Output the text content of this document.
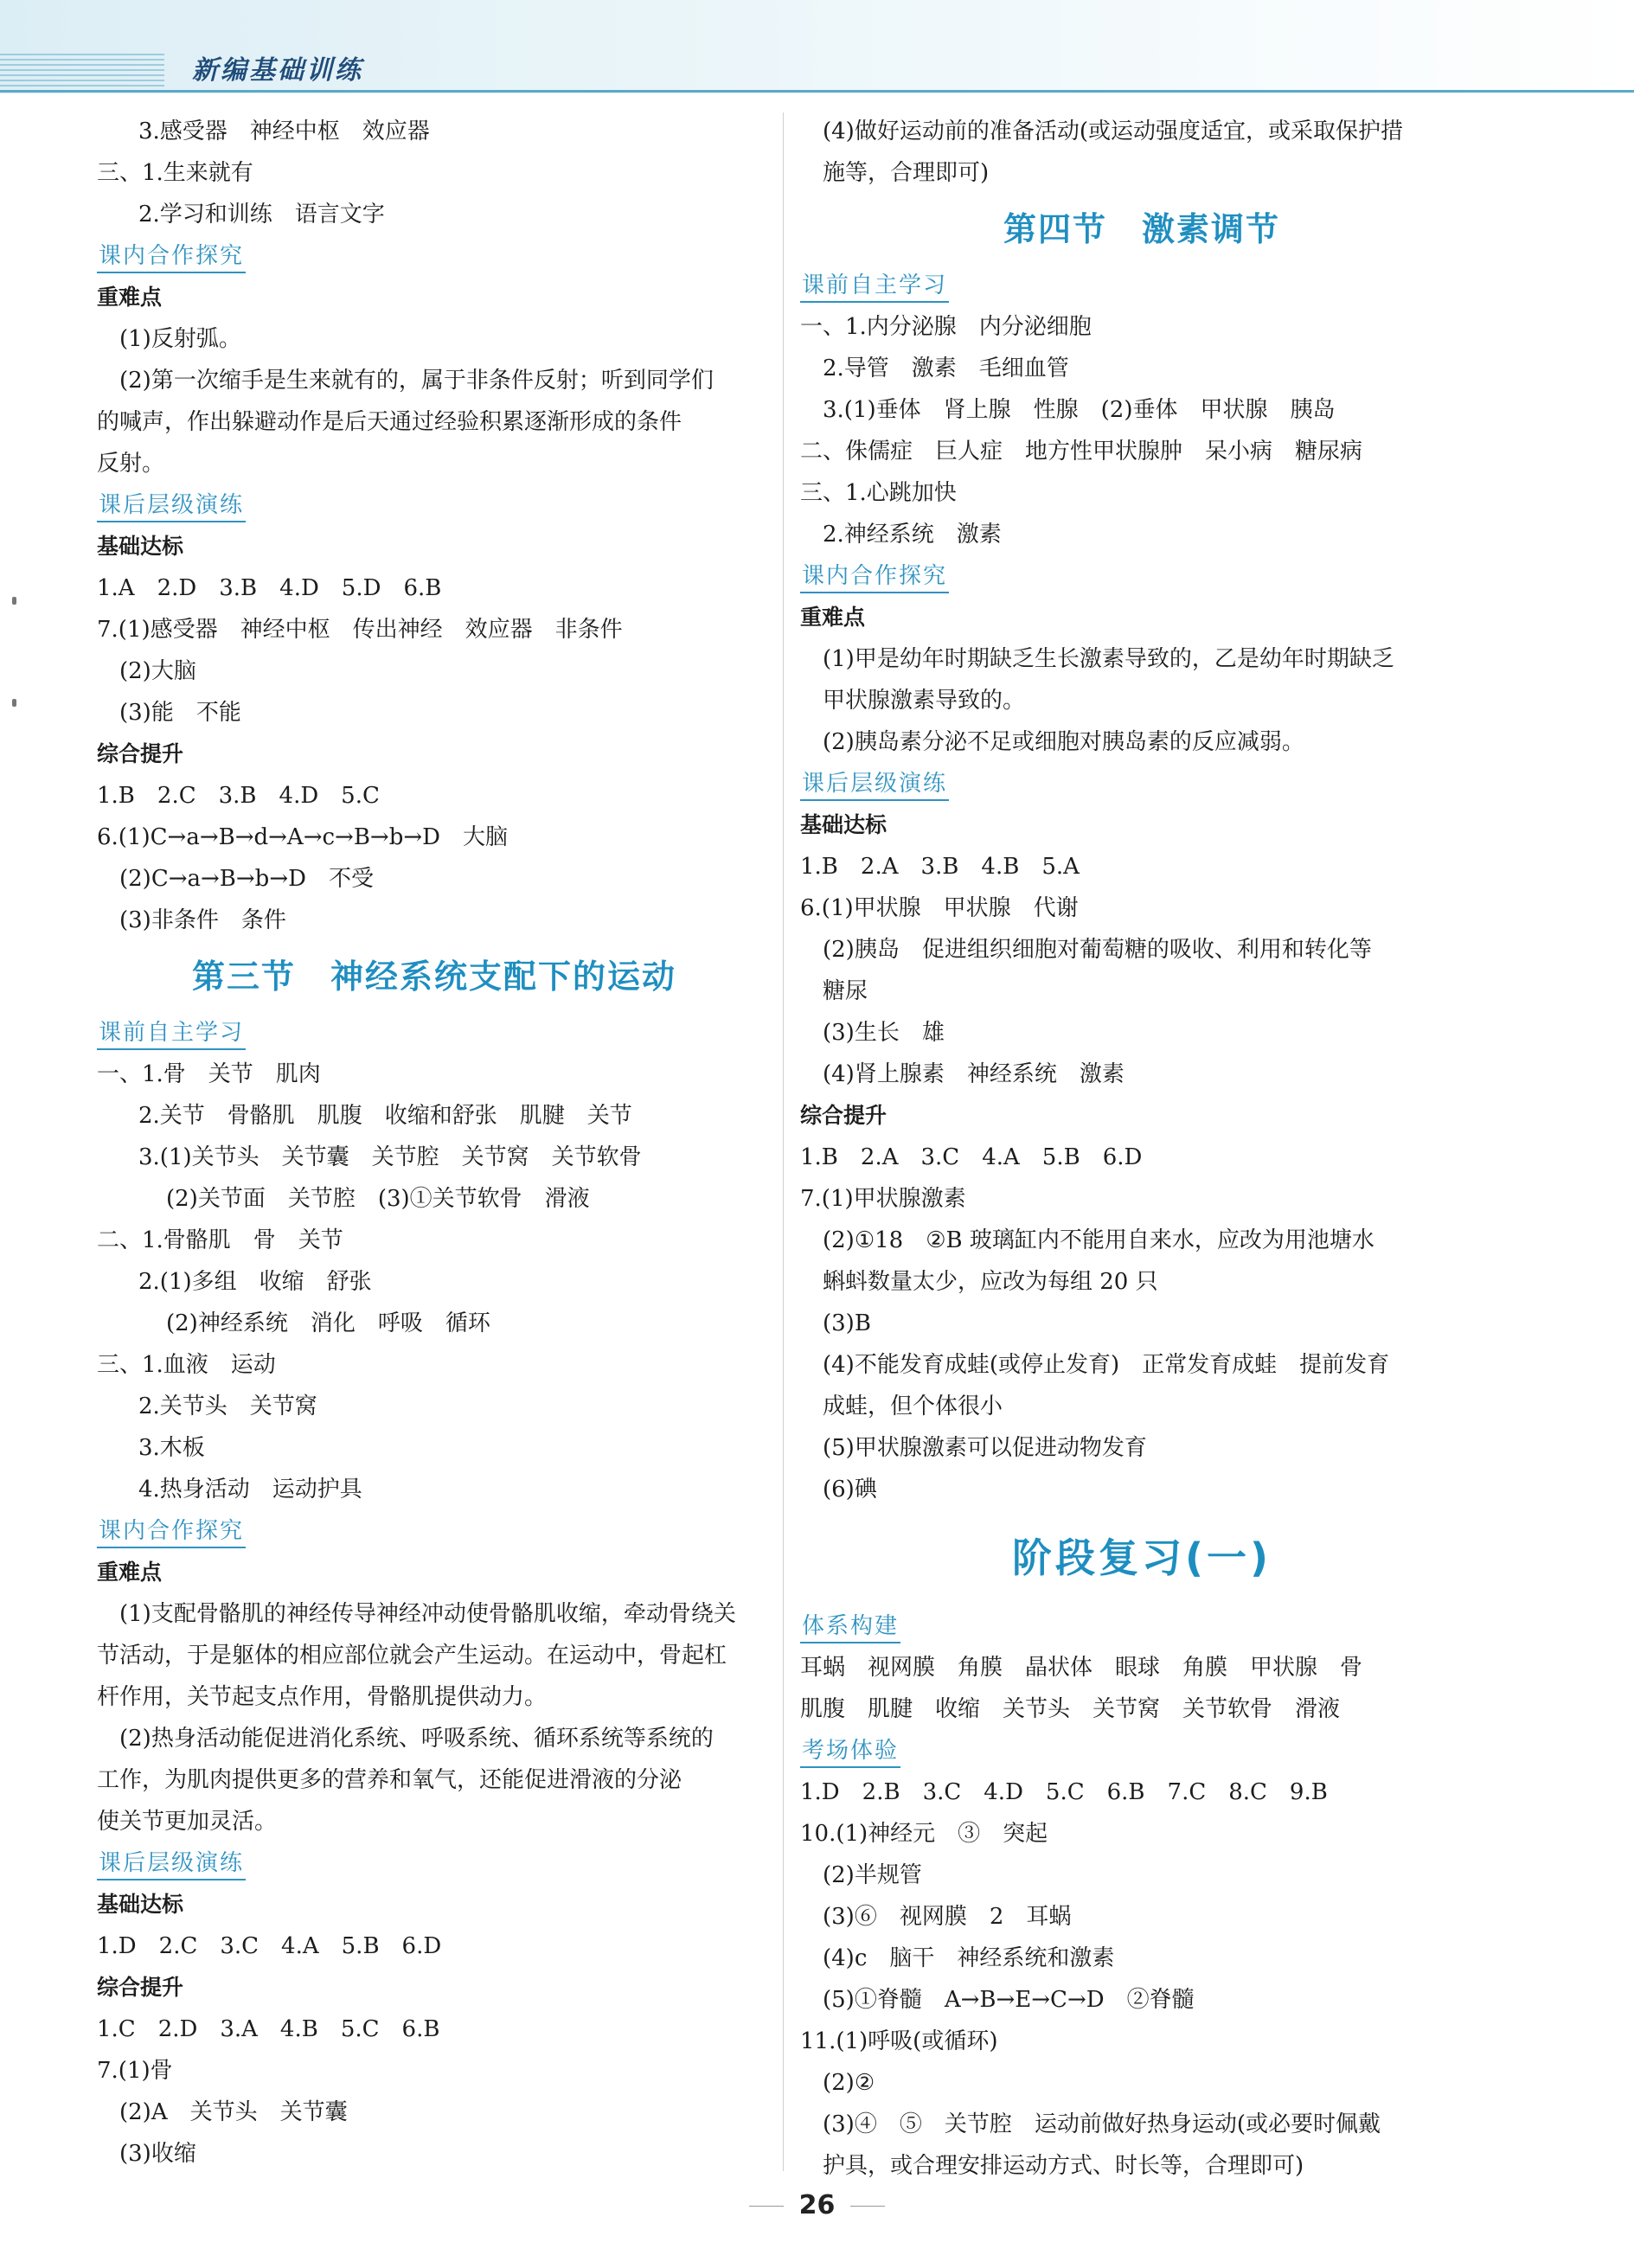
新编基础训练
3.感受器　神经中枢　效应器
三、1.生来就有
2.学习和训练　语言文字
课内合作探究
重难点
(1)反射弧。
(2)第一次缩手是生来就有的，属于非条件反射；听到同学们
的喊声，作出躲避动作是后天通过经验积累逐渐形成的条件
反射。
课后层级演练
基础达标
1.A　2.D　3.B　4.D　5.D　6.B
7.(1)感受器　神经中枢　传出神经　效应器　非条件
(2)大脑
(3)能　不能
综合提升
1.B　2.C　3.B　4.D　5.C
6.(1)C→a→B→d→A→c→B→b→D　大脑
(2)C→a→B→b→D　不受
(3)非条件　条件
第三节　神经系统支配下的运动
课前自主学习
一、1.骨　关节　肌肉
2.关节　骨骼肌　肌腹　收缩和舒张　肌腱　关节
3.(1)关节头　关节囊　关节腔　关节窝　关节软骨
(2)关节面　关节腔　(3)①关节软骨　滑液
二、1.骨骼肌　骨　关节
2.(1)多组　收缩　舒张
(2)神经系统　消化　呼吸　循环
三、1.血液　运动
2.关节头　关节窝
3.木板
4.热身活动　运动护具
课内合作探究
重难点
(1)支配骨骼肌的神经传导神经冲动使骨骼肌收缩，牵动骨绕关
节活动，于是躯体的相应部位就会产生运动。在运动中，骨起杠
杆作用，关节起支点作用，骨骼肌提供动力。
(2)热身活动能促进消化系统、呼吸系统、循环系统等系统的
工作，为肌肉提供更多的营养和氧气，还能促进滑液的分泌
使关节更加灵活。
课后层级演练
基础达标
1.D　2.C　3.C　4.A　5.B　6.D
综合提升
1.C　2.D　3.A　4.B　5.C　6.B
7.(1)骨
(2)A　关节头　关节囊
(3)收缩
(4)做好运动前的准备活动(或运动强度适宜，或采取保护措
施等，合理即可)
第四节　激素调节
课前自主学习
一、1.内分泌腺　内分泌细胞
2.导管　激素　毛细血管
3.(1)垂体　肾上腺　性腺　(2)垂体　甲状腺　胰岛
二、侏儒症　巨人症　地方性甲状腺肿　呆小病　糖尿病
三、1.心跳加快
2.神经系统　激素
课内合作探究
重难点
(1)甲是幼年时期缺乏生长激素导致的，乙是幼年时期缺乏
甲状腺激素导致的。
(2)胰岛素分泌不足或细胞对胰岛素的反应减弱。
课后层级演练
基础达标
1.B　2.A　3.B　4.B　5.A
6.(1)甲状腺　甲状腺　代谢
(2)胰岛　促进组织细胞对葡萄糖的吸收、利用和转化等
糖尿
(3)生长　雄
(4)肾上腺素　神经系统　激素
综合提升
1.B　2.A　3.C　4.A　5.B　6.D
7.(1)甲状腺激素
(2)①18　②B 玻璃缸内不能用自来水，应改为用池塘水
蝌蚪数量太少，应改为每组 20 只
(3)B
(4)不能发育成蛙(或停止发育)　正常发育成蛙　提前发育
成蛙，但个体很小
(5)甲状腺激素可以促进动物发育
(6)碘
阶段复习(一)
体系构建
耳蜗　视网膜　角膜　晶状体　眼球　角膜　甲状腺　骨
肌腹　肌腱　收缩　关节头　关节窝　关节软骨　滑液
考场体验
1.D　2.B　3.C　4.D　5.C　6.B　7.C　8.C　9.B
10.(1)神经元　③　突起
(2)半规管
(3)⑥　视网膜　2　耳蜗
(4)c　脑干　神经系统和激素
(5)①脊髓　A→B→E→C→D　②脊髓
11.(1)呼吸(或循环)
(2)②
(3)④　⑤　关节腔　运动前做好热身运动(或必要时佩戴
护具，或合理安排运动方式、时长等，合理即可)
26
